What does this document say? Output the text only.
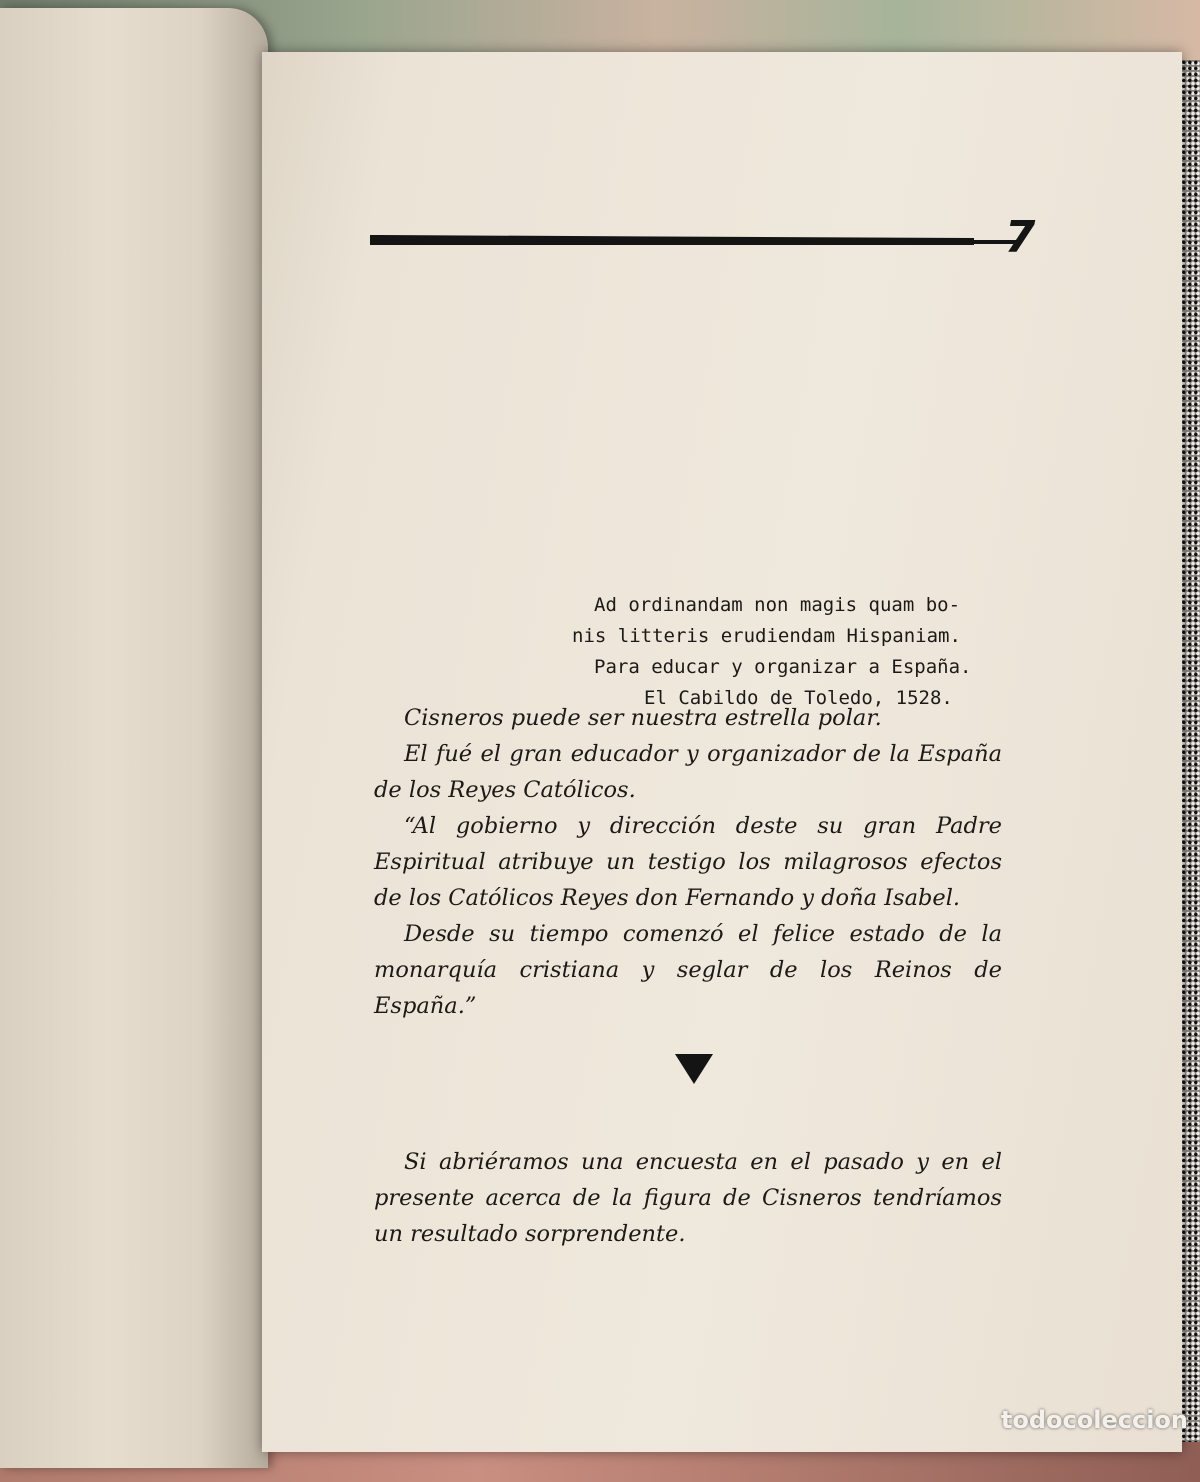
7
Ad ordinandam non magis quam bo-
nis litteris erudiendam Hispaniam.
Para educar y organizar a España.
El Cabildo de Toledo, 1528.

Cisneros puede ser nuestra estrella polar.

El fué el gran educador y organizador de la España de los Reyes Católicos.

“Al gobierno y dirección deste su gran Padre Espiritual atribuye un testigo los milagrosos efectos de los Católicos Reyes don Fernando y doña Isabel.

Desde su tiempo comenzó el felice estado de la monarquía cristiana y seglar de los Reinos de España.”

Si abriéramos una encuesta en el pasado y en el presente acerca de la figura de Cisneros tendríamos un resultado sorprendente.

todocoleccion
